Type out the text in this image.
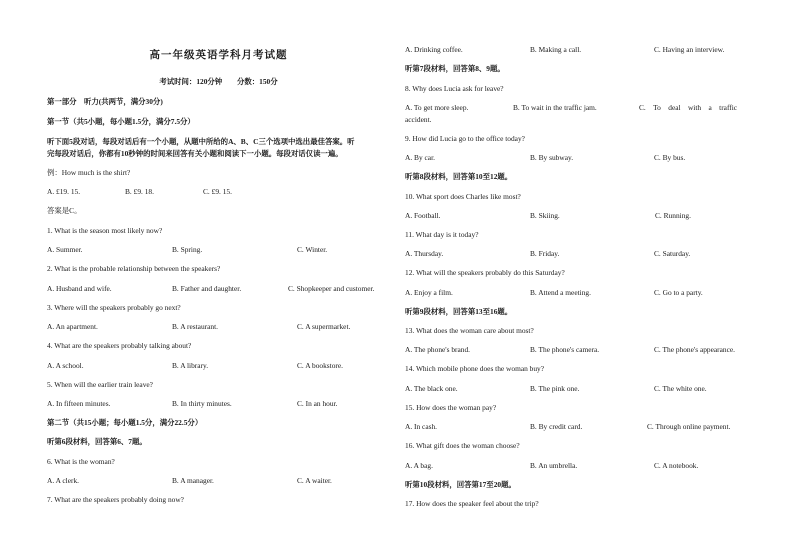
高一年级英语学科月考试题
考试时间：120分钟　　分数：150分
第一部分　听力(共两节，满分30分)
第一节（共5小题，每小题1.5分，满分7.5分）
听下面5段对话，每段对话后有一个小题，从题中所给的A、B、C三个选项中选出最佳答案。听
完每段对话后，你都有10秒钟的时间来回答有关小题和阅读下一小题。每段对话仅读一遍。
例：How much is the shirt?
A. £19. 15.	B. £9. 18.	C. £9. 15.
答案是C。
1. What is the season most likely now?
A. Summer.	B. Spring.	C. Winter.
2. What is the probable relationship between the speakers?
A. Husband and wife.	B. Father and daughter.	C. Shopkeeper and customer.
3. Where will the speakers probably go next?
A. An apartment.	B. A restaurant.	C. A supermarket.
4. What are the speakers probably talking about?
A. A school.	B. A library.	C. A bookstore.
5. When will the earlier train leave?
A. In fifteen minutes.	B. In thirty minutes.	C. In an hour.
第二节（共15小题；每小题1.5分，满分22.5分）
听第6段材料，回答第6、7题。
6. What is the woman?
A. A clerk.	B. A manager.	C. A waiter.
7. What are the speakers probably doing now?
A. Drinking coffee.	B. Making a call.	C. Having an interview.
听第7段材料，回答第8、9题。
8. Why does Lucia ask for leave?
A. To get more sleep.	B. To wait in the traffic jam.	C.　To　deal　with　a　traffic
accident.
9. How did Lucia go to the office today?
A. By car.	B. By subway.	C. By bus.
听第8段材料，回答第10至12题。
10. What sport does Charles like most?
A. Football.	B. Skiing.	C. Running.
11. What day is it today?
A. Thursday.	B. Friday.	C. Saturday.
12. What will the speakers probably do this Saturday?
A. Enjoy a film.	B. Attend a meeting.	C. Go to a party.
听第9段材料，回答第13至16题。
13. What does the woman care about most?
A. The phone's brand.	B. The phone's camera.	C. The phone's appearance.
14. Which mobile phone does the woman buy?
A. The black one.	B. The pink one.	C. The white one.
15. How does the woman pay?
A. In cash.	B. By credit card.	C. Through online payment.
16. What gift does the woman choose?
A. A bag.	B. An umbrella.	C. A notebook.
听第10段材料，回答第17至20题。
17. How does the speaker feel about the trip?
